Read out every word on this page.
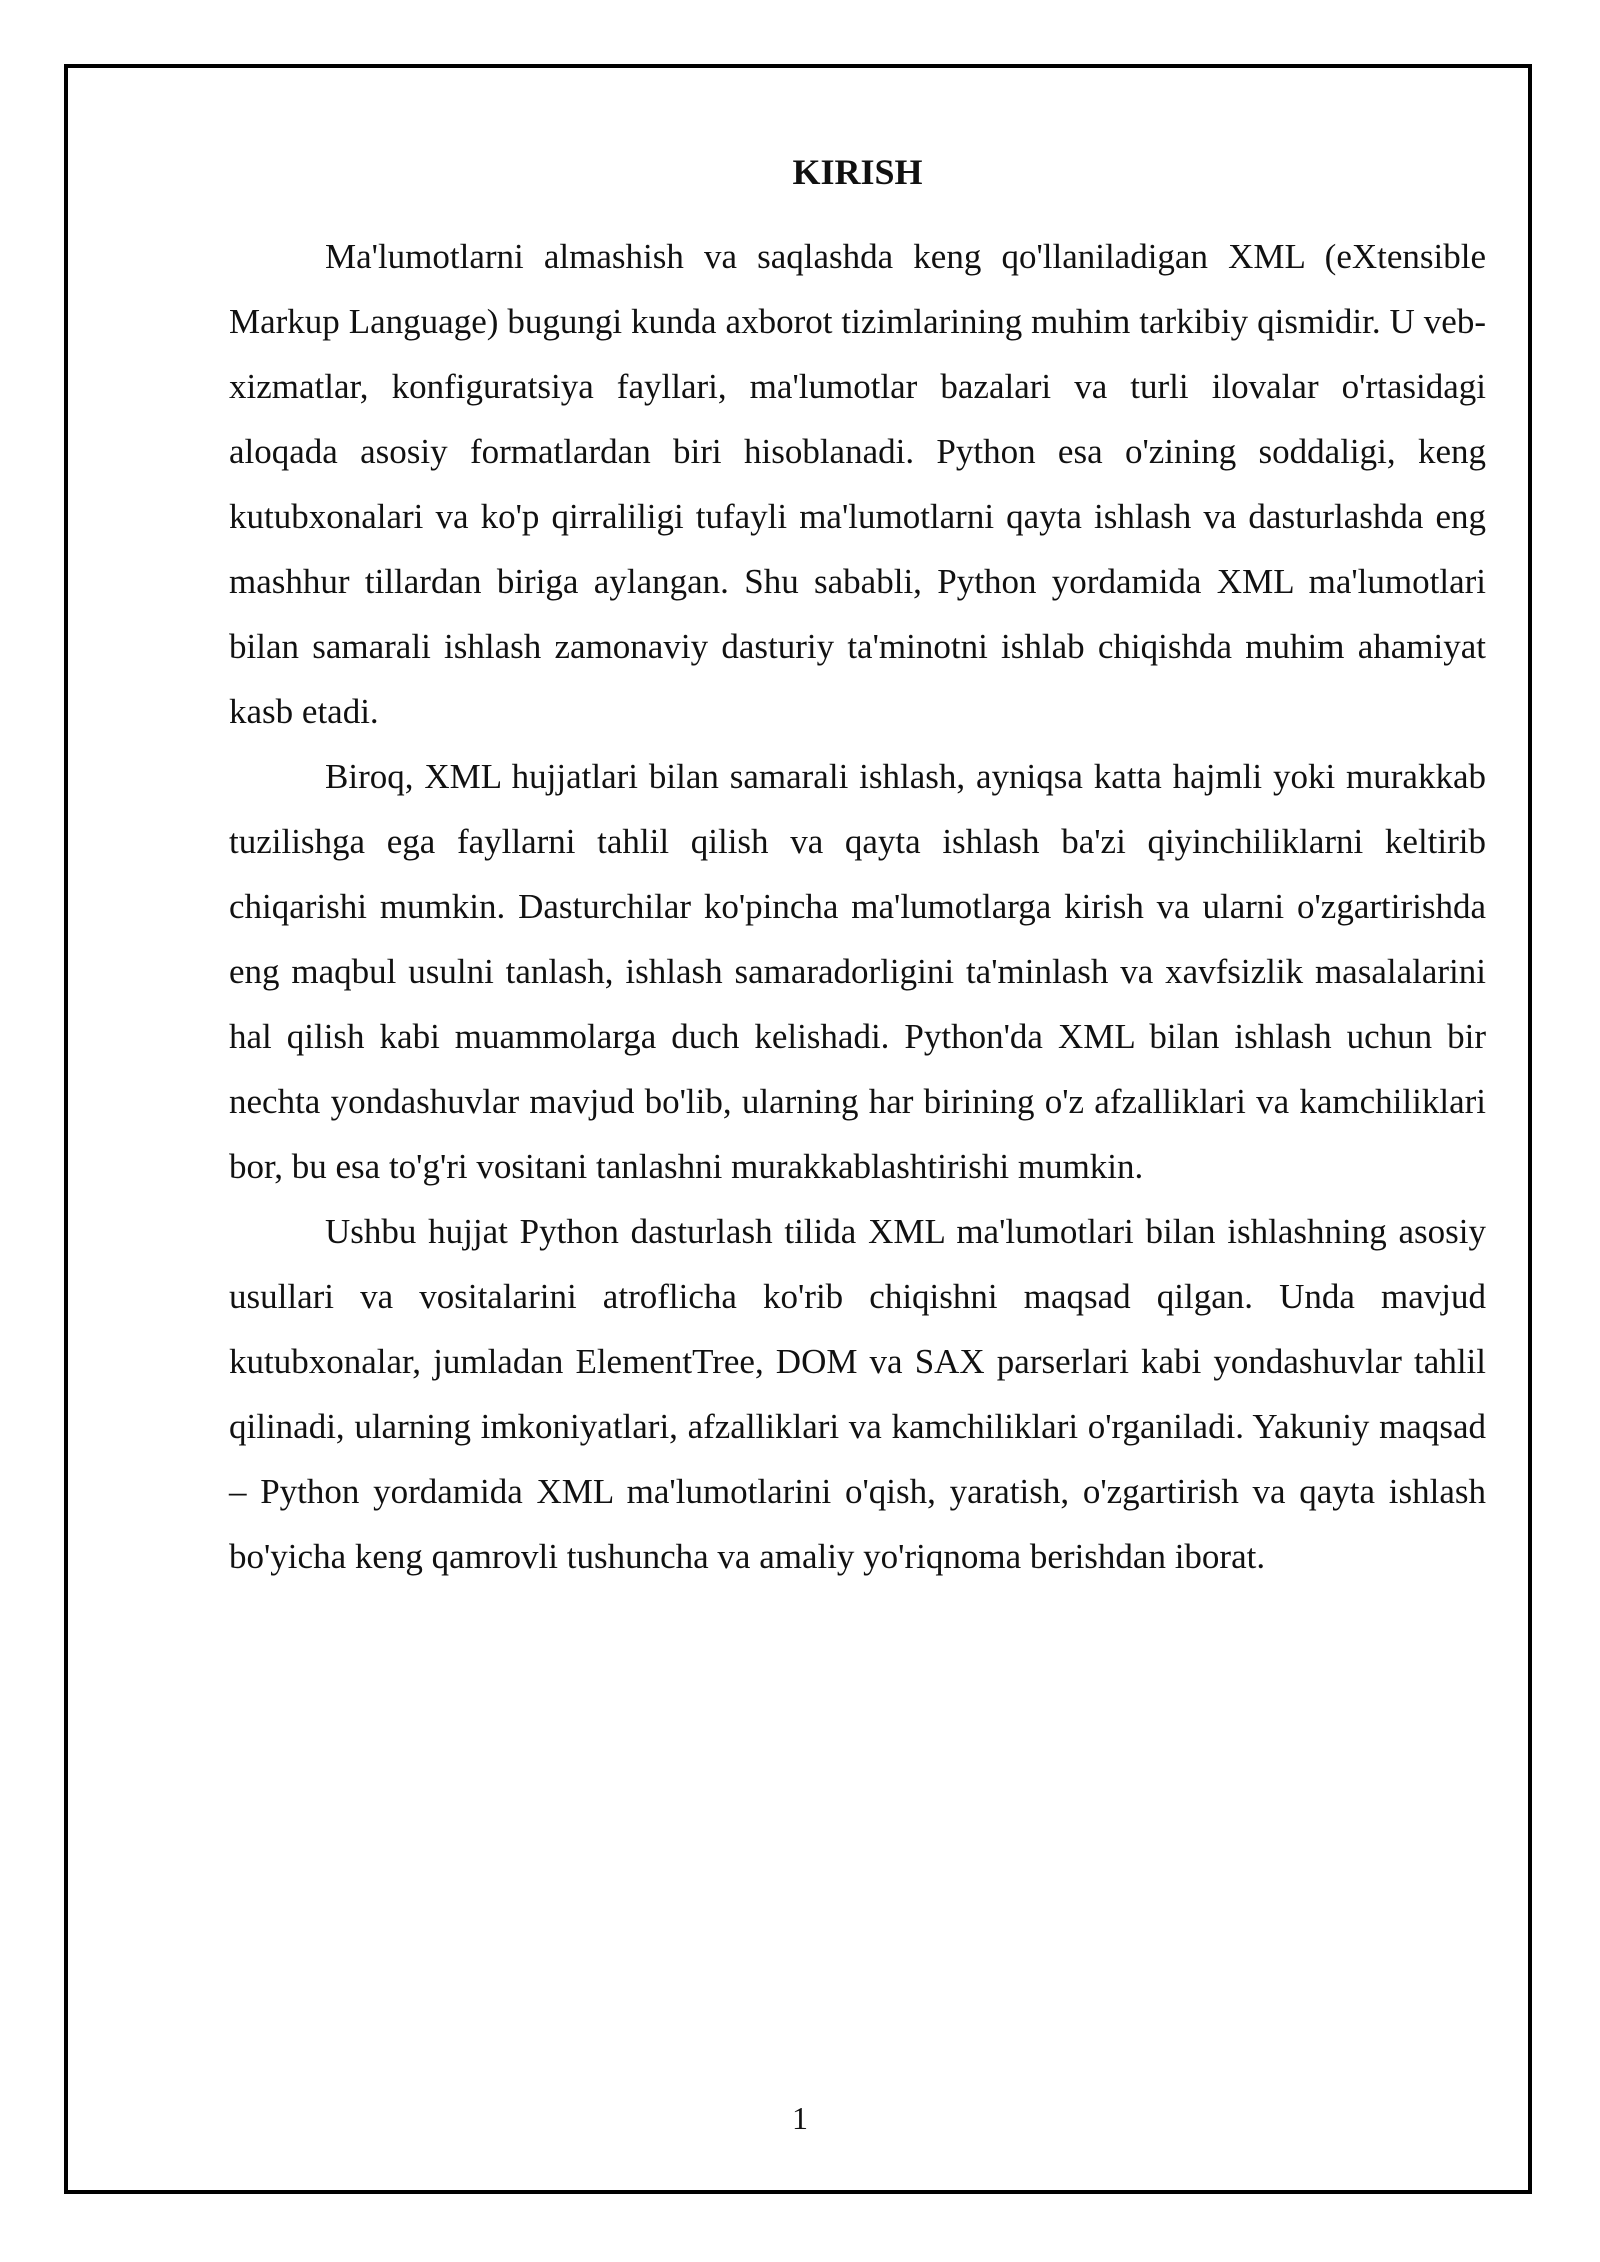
KIRISH

Ma'lumotlarni almashish va saqlashda keng qo'llaniladigan XML (eXtensible Markup Language) bugungi kunda axborot tizimlarining muhim tarkibiy qismidir. U veb-xizmatlar, konfiguratsiya fayllari, ma'lumotlar bazalari va turli ilovalar o'rtasidagi aloqada asosiy formatlardan biri hisoblanadi. Python esa o'zining soddaligi, keng kutubxonalari va ko'p qirraliligi tufayli ma'lumotlarni qayta ishlash va dasturlashda eng mashhur tillardan biriga aylangan. Shu sababli, Python yordamida XML ma'lumotlari bilan samarali ishlash zamonaviy dasturiy ta'minotni ishlab chiqishda muhim ahamiyat kasb etadi.

Biroq, XML hujjatlari bilan samarali ishlash, ayniqsa katta hajmli yoki murakkab tuzilishga ega fayllarni tahlil qilish va qayta ishlash ba'zi qiyinchiliklarni keltirib chiqarishi mumkin. Dasturchilar ko'pincha ma'lumotlarga kirish va ularni o'zgartirishda eng maqbul usulni tanlash, ishlash samaradorligini ta'minlash va xavfsizlik masalalarini hal qilish kabi muammolarga duch kelishadi. Python'da XML bilan ishlash uchun bir nechta yondashuvlar mavjud bo'lib, ularning har birining o'z afzalliklari va kamchiliklari bor, bu esa to'g'ri vositani tanlashni murakkablashtirishi mumkin.

Ushbu hujjat Python dasturlash tilida XML ma'lumotlari bilan ishlashning asosiy usullari va vositalarini atroflicha ko'rib chiqishni maqsad qilgan. Unda mavjud kutubxonalar, jumladan ElementTree, DOM va SAX parserlari kabi yondashuvlar tahlil qilinadi, ularning imkoniyatlari, afzalliklari va kamchiliklari o'rganiladi. Yakuniy maqsad – Python yordamida XML ma'lumotlarini o'qish, yaratish, o'zgartirish va qayta ishlash bo'yicha keng qamrovli tushuncha va amaliy yo'riqnoma berishdan iborat.

1
